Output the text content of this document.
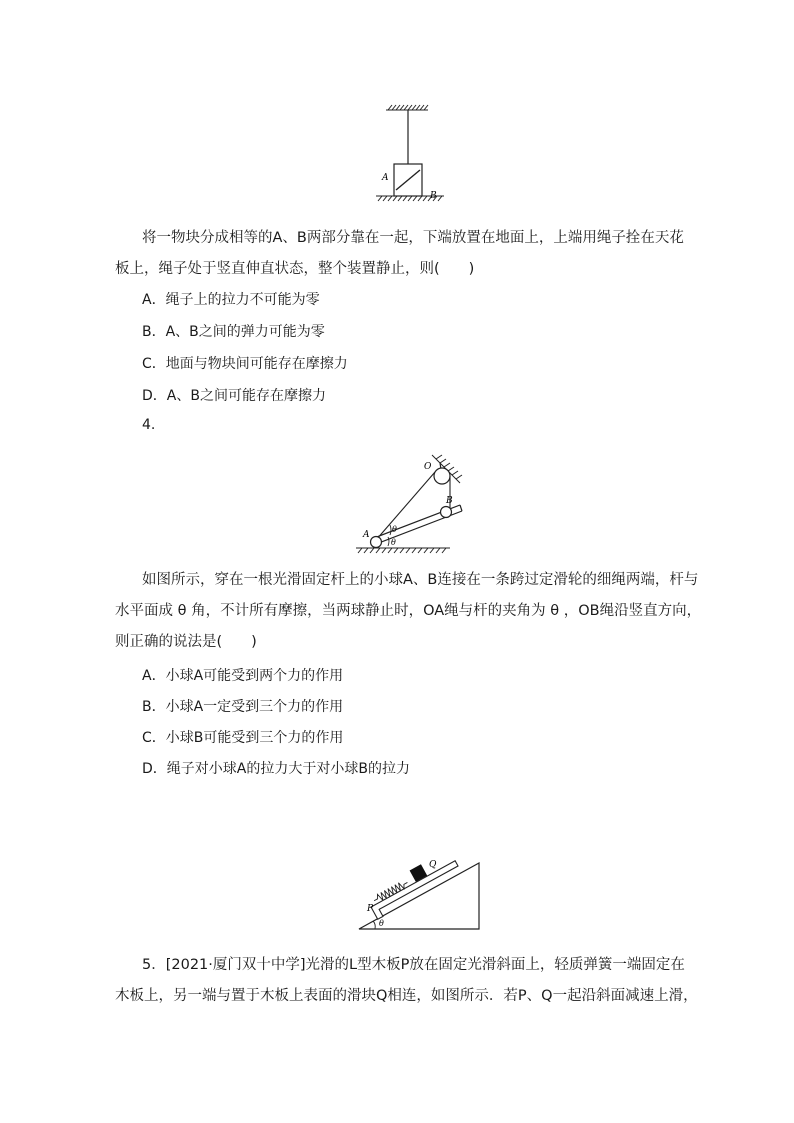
A
B

将一物块分成相等的A、B两部分靠在一起，下端放置在地面上，上端用绳子拴在天花板上，绳子处于竖直伸直状态，整个装置静止，则(　　)

A．绳子上的拉力不可能为零

B．A、B之间的弹力可能为零

C．地面与物块间可能存在摩擦力

D．A、B之间可能存在摩擦力

4.

O
B
A
θ
θ

如图所示，穿在一根光滑固定杆上的小球A、B连接在一条跨过定滑轮的细绳两端，杆与

水平面成 θ 角，不计所有摩擦，当两球静止时，OA绳与杆的夹角为 θ ，OB绳沿竖直方向，

则正确的说法是(　　)

A．小球A可能受到两个力的作用

B．小球A一定受到三个力的作用

C．小球B可能受到三个力的作用

D．绳子对小球A的拉力大于对小球B的拉力

Q
P
θ

5．[2021·厦门双十中学]光滑的L型木板P放在固定光滑斜面上，轻质弹簧一端固定在

木板上，另一端与置于木板上表面的滑块Q相连，如图所示．若P、Q一起沿斜面减速上滑，
